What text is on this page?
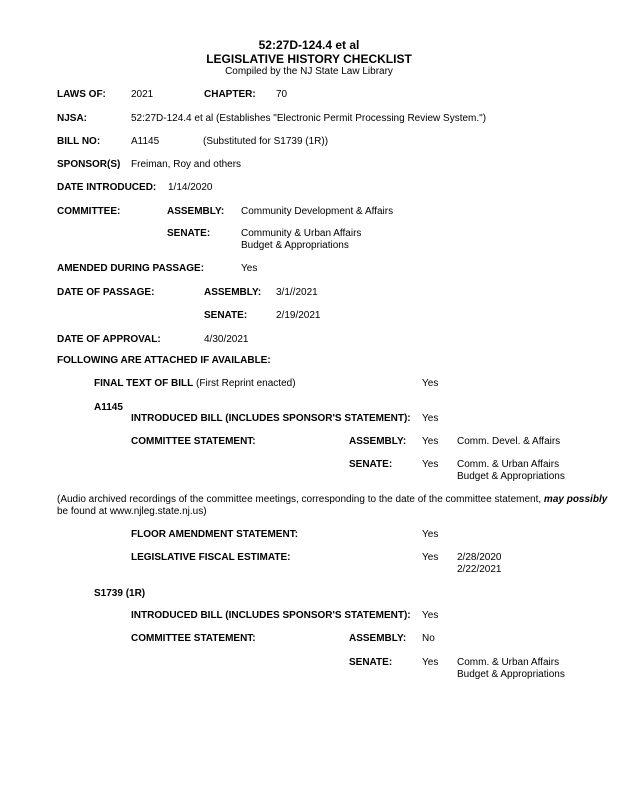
52:27D-124.4 et al
LEGISLATIVE HISTORY CHECKLIST
Compiled by the NJ State Law Library
LAWS OF:	2021	CHAPTER: 70
NJSA:	52:27D-124.4 et al (Establishes "Electronic Permit Processing Review System.")
BILL NO:	A1145	(Substituted for S1739 (1R))
SPONSOR(S) Freiman, Roy and others
DATE INTRODUCED: 1/14/2020
COMMITTEE:	ASSEMBLY: Community Development & Affairs
SENATE:	Community & Urban Affairs
Budget & Appropriations
AMENDED DURING PASSAGE:	Yes
DATE OF PASSAGE:	ASSEMBLY: 3/1//2021
SENATE:	2/19/2021
DATE OF APPROVAL:	4/30/2021
FOLLOWING ARE ATTACHED IF AVAILABLE:
FINAL TEXT OF BILL (First Reprint enacted)	Yes
A1145
INTRODUCED BILL (INCLUDES SPONSOR'S STATEMENT): Yes
COMMITTEE STATEMENT:	ASSEMBLY: Yes Comm. Devel. & Affairs
SENATE:	Yes Comm. & Urban Affairs
Budget & Appropriations
(Audio archived recordings of the committee meetings, corresponding to the date of the committee statement, may possibly
be found at www.njleg.state.nj.us)
FLOOR AMENDMENT STATEMENT:	Yes
LEGISLATIVE FISCAL ESTIMATE:	Yes 2/28/2020
2/22/2021
S1739 (1R)
INTRODUCED BILL (INCLUDES SPONSOR'S STATEMENT): Yes
COMMITTEE STATEMENT:	ASSEMBLY: No
SENATE:	Yes Comm. & Urban Affairs
Budget & Appropriations
